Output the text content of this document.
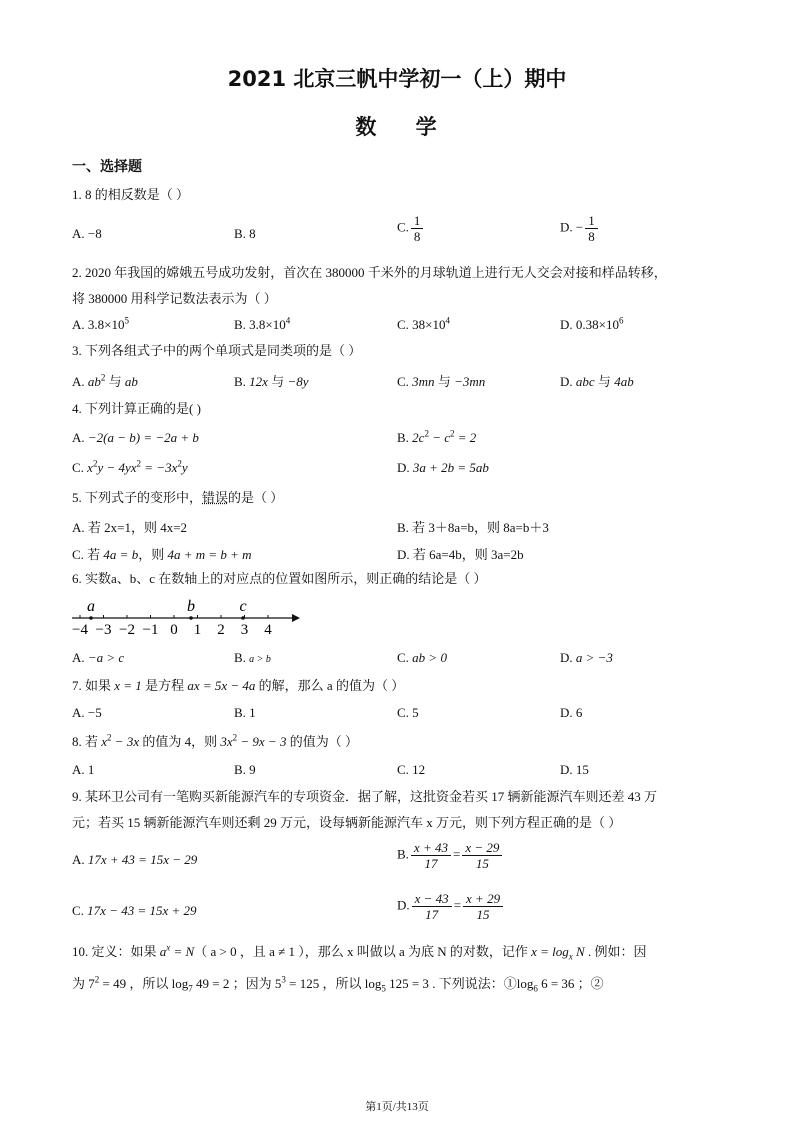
2021 北京三帆中学初一（上）期中
数    学
一、选择题
1. 8 的相反数是（ ）
A. −8	B. 8	C. $\frac{1}{8}$	D. − $\frac{1}{8}$
2. 2020 年我国的嫦娥五号成功发射，首次在 380000 千米外的月球轨道上进行无人交会对接和样品转移，
将 380000 用科学记数法表示为（ ）
A. $3.8\times 10^5$	B. $3.8\times 10^4$	C. $38\times 10^4$	D. $0.38\times 10^6$
3. 下列各组式子中的两个单项式是同类项的是（ ）
A. $ab^2$ 与 ab	B. 12x 与 −8y	C. 3mn 与 −3mn	D. abc 与 4ab
4. 下列计算正确的是( )
A. −2(a − b) = −2a + b	B. $2c^2 - c^2 = 2$
C. $x^2y - 4yx^2 = -3x^2y$	D. 3a + 2b = 5ab
5. 下列式子的变形中，错误的是（ ）
A. 若 2x=1，则 4x=2	B. 若 3＋8a=b，则 8a=b＋3
C. 若 4a = b，则 4a + m = b + m	D. 若 6a=4b，则 3a=2b
6. 实数a、b、c 在数轴上的对应点的位置如图所示，则正确的结论是（ ）
−4 −3 −2 −1 0 1 2 3 4
a	b	c
A. −a > c	B. a > b	C. ab > 0	D. a > −3
7. 如果 x = 1 是方程 ax = 5x − 4a 的解，那么 a 的值为（ ）
A. −5	B. 1	C. 5	D. 6
8. 若 $x^2 - 3x$ 的值为 4，则 $3x^2 - 9x - 3$ 的值为（ ）
A. 1	B. 9	C. 12	D. 15
9. 某环卫公司有一笔购买新能源汽车的专项资金．据了解，这批资金若买 17 辆新能源汽车则还差 43 万
元；若买 15 辆新能源汽车则还剩 29 万元，设每辆新能源汽车 x 万元，则下列方程正确的是（ ）
A. 17x + 43 = 15x − 29	B. $\frac{x + 43}{17} = \frac{x - 29}{15}$
C. 17x − 43 = 15x + 29	D. $\frac{x - 43}{17} = \frac{x + 29}{15}$
10. 定义：如果 $a^x = N$（ a > 0 ，且 a ≠ 1 ），那么 x 叫做以 a 为底 N 的对数，记作 $x = \log_x N$ . 例如：因
为 $7^2 = 49$ ，所以 $\log_7 49 = 2$ ；因为 $5^3 = 125$ ，所以 $\log_5 125 = 3$ . 下列说法：$①\log_6$ 6 = 36 ；②
第1页/共13页
